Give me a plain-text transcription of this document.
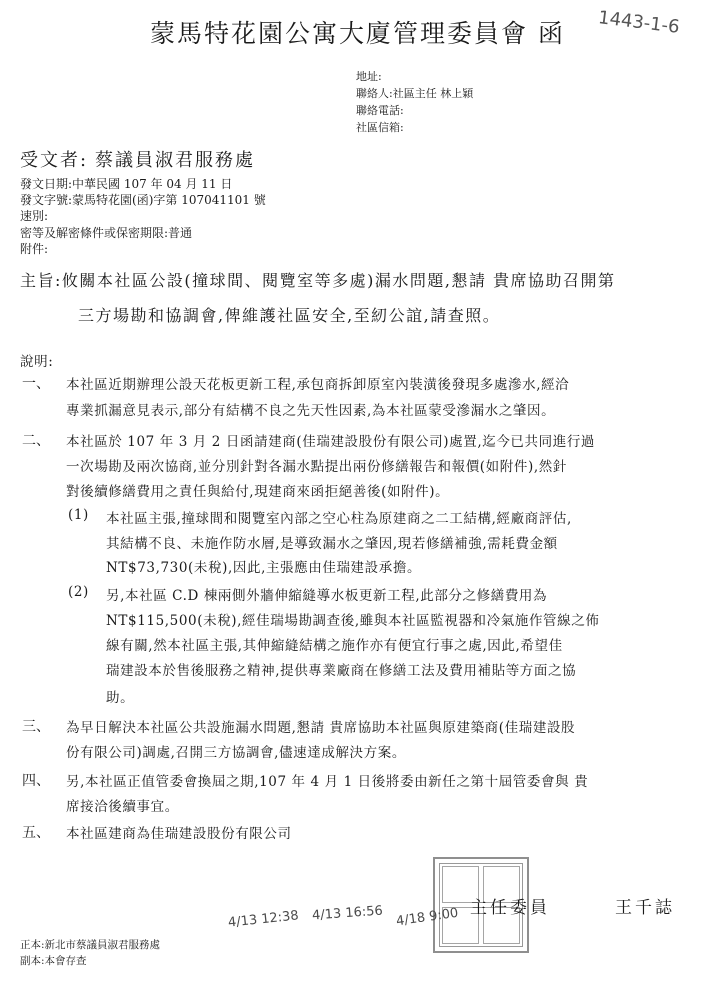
蒙馬特花園公寓大廈管理委員會 函 1443-1-6
地址:
聯絡人:社區主任 林上穎
聯絡電話:
社區信箱:
受文者: 蔡議員淑君服務處
發文日期:中華民國 107 年 04 月 11 日
發文字號:蒙馬特花園(函)字第 107041101 號
速別:
密等及解密條件或保密期限:普通
附件:
主旨:攸關本社區公設(撞球間、閱覽室等多處)漏水問題,懇請 貴席協助召開第
三方場勘和協調會,俾維護社區安全,至紉公誼,請查照。
說明:
一、 本社區近期辦理公設天花板更新工程,承包商拆卸原室內裝潢後發現多處滲水,經洽
專業抓漏意見表示,部分有結構不良之先天性因素,為本社區蒙受滲漏水之肇因。
二、 本社區於 107 年 3 月 2 日函請建商(佳瑞建設股份有限公司)處置,迄今已共同進行過
一次場勘及兩次協商,並分別針對各漏水點提出兩份修繕報告和報價(如附件),然針
對後續修繕費用之責任與給付,現建商來函拒絕善後(如附件)。
(1) 本社區主張,撞球間和閱覽室內部之空心柱為原建商之二工結構,經廠商評估,
其結構不良、未施作防水層,是導致漏水之肇因,現若修繕補強,需耗費金額
NT$73,730(未稅),因此,主張應由佳瑞建設承擔。
(2) 另,本社區 C.D 棟兩側外牆伸縮縫導水板更新工程,此部分之修繕費用為
NT$115,500(未稅),經佳瑞場勘調查後,雖與本社區監視器和冷氣施作管線之佈
線有關,然本社區主張,其伸縮縫結構之施作亦有便宜行事之處,因此,希望佳
瑞建設本於售後服務之精神,提供專業廠商在修繕工法及費用補貼等方面之協
助。
三、 為早日解決本社區公共設施漏水問題,懇請 貴席協助本社區與原建築商(佳瑞建設股
份有限公司)調處,召開三方協調會,儘速達成解決方案。
四、 另,本社區正值管委會換屆之期,107 年 4 月 1 日後將委由新任之第十屆管委會與 貴
席接洽後續事宜。
五、 本社區建商為佳瑞建設股份有限公司
主任委員	王千誌
4/13 12:38 4/13 16:56 4/18 9:00
正本:新北市蔡議員淑君服務處
副本:本會存查
